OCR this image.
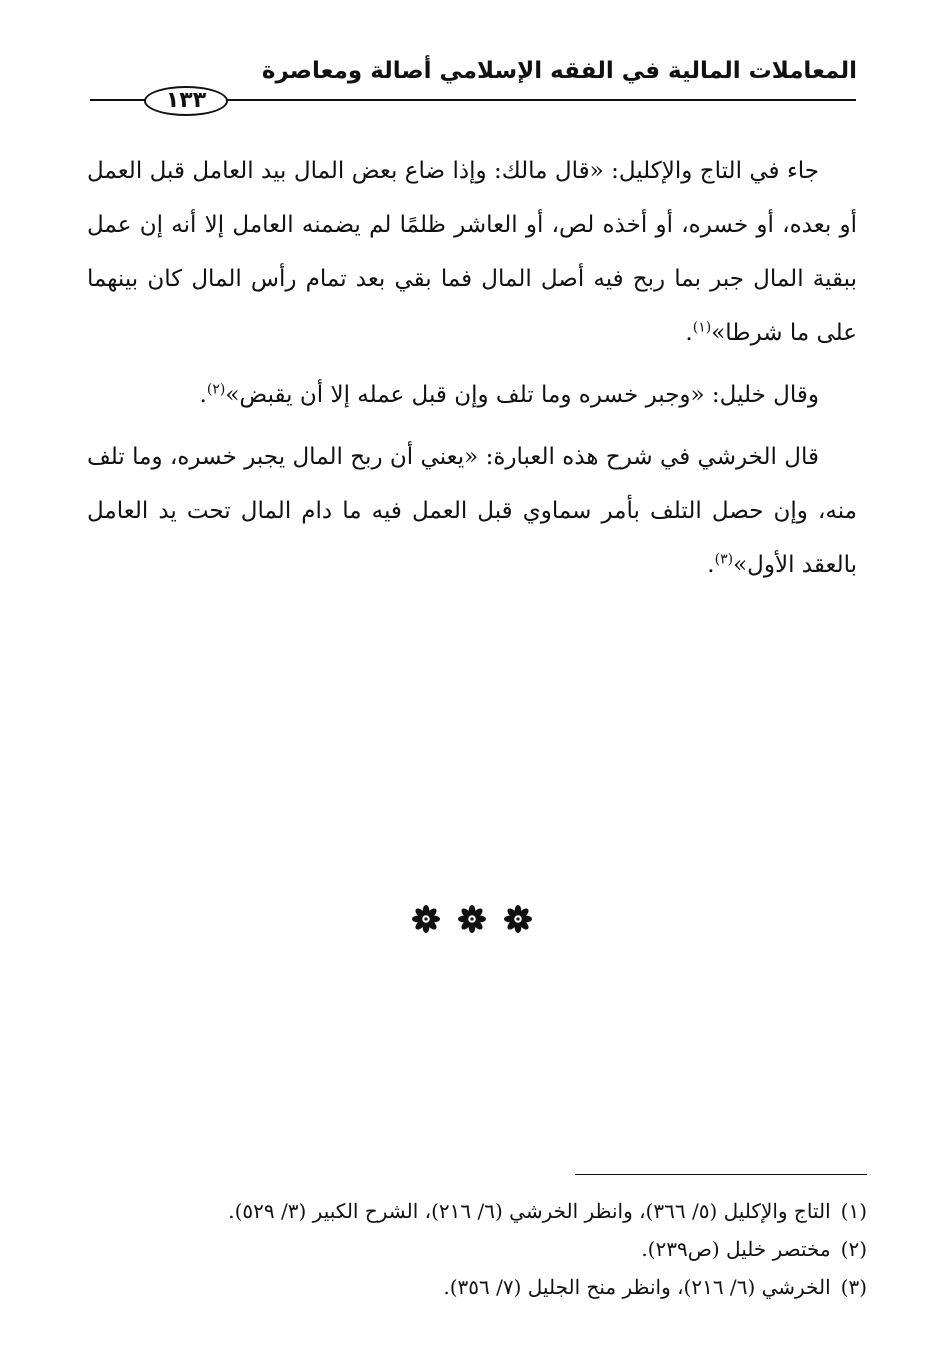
المعاملات المالية في الفقه الإسلامي أصالة ومعاصرة
١٣٣

جاء في التاج والإكليل: «قال مالك: وإذا ضاع بعض المال بيد العامل قبل العمل أو بعده، أو خسره، أو أخذه لص، أو العاشر ظلمًا لم يضمنه العامل إلا أنه إن عمل ببقية المال جبر بما ربح فيه أصل المال فما بقي بعد تمام رأس المال كان بينهما على ما شرطا»$^{(١)}$.

وقال خليل: «وجبر خسره وما تلف وإن قبل عمله إلا أن يقبض»$^{(٢)}$.

قال الخرشي في شرح هذه العبارة: «يعني أن ربح المال يجبر خسره، وما تلف منه، وإن حصل التلف بأمر سماوي قبل العمل فيه ما دام المال تحت يد العامل بالعقد الأول»$^{(٣)}$.

(١)التاج والإكليل (٥/ ٣٦٦)، وانظر الخرشي (٦/ ٢١٦)، الشرح الكبير (٣/ ٥٢٩).
(٢)مختصر خليل (ص٢٣٩).
(٣)الخرشي (٦/ ٢١٦)، وانظر منح الجليل (٧/ ٣٥٦).
